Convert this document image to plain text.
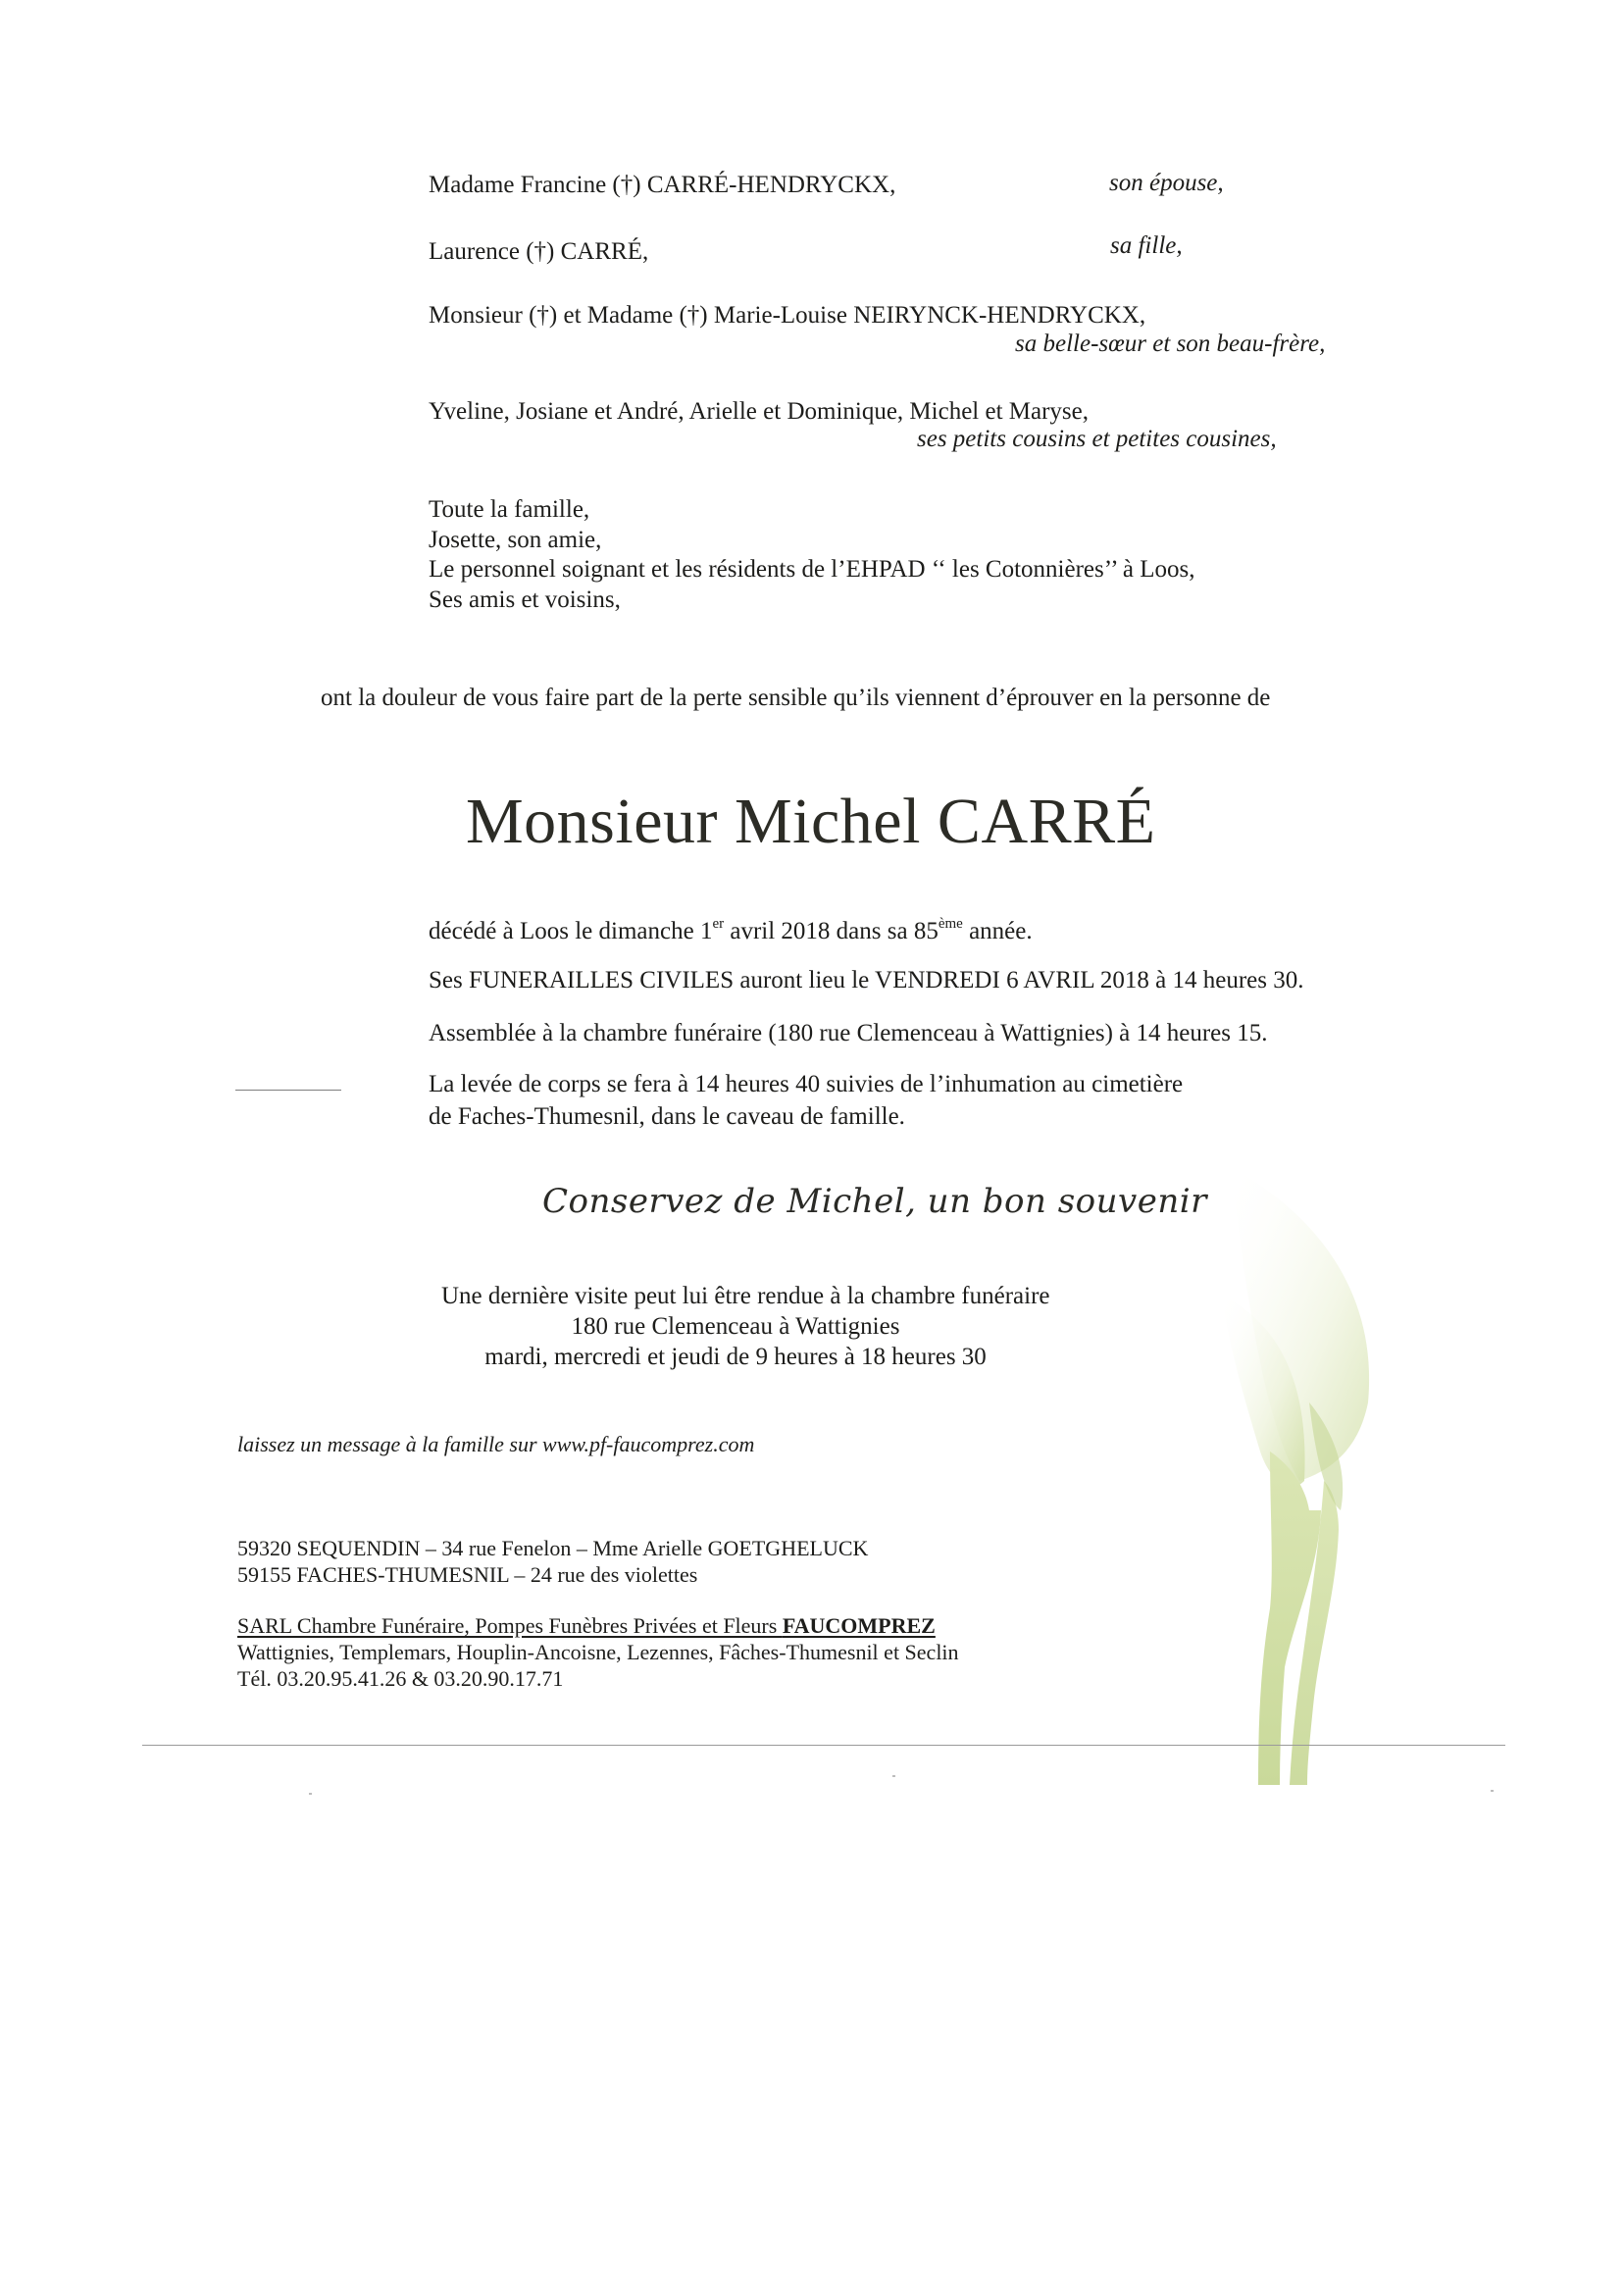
Madame Francine (†) CARRÉ-HENDRYCKX,	son épouse,
Laurence (†) CARRÉ,	sa fille,
Monsieur (†) et Madame (†) Marie-Louise NEIRYNCK-HENDRYCKX,
sa belle-sœur et son beau-frère,
Yveline, Josiane et André, Arielle et Dominique, Michel et Maryse,
ses petits cousins et petites cousines,
Toute la famille,
Josette, son amie,
Le personnel soignant et les résidents de l’EHPAD ‘‘ les Cotonnières’’ à Loos,
Ses amis et voisins,
ont la douleur de vous faire part de la perte sensible qu’ils viennent d’éprouver en la personne de
Monsieur Michel CARRÉ
décédé à Loos le dimanche 1er avril 2018 dans sa 85ème année.
Ses FUNERAILLES CIVILES auront lieu le VENDREDI 6 AVRIL 2018 à 14 heures 30.
Assemblée à la chambre funéraire (180 rue Clemenceau à Wattignies) à 14 heures 15.
La levée de corps se fera à 14 heures 40 suivies de l’inhumation au cimetière
de Faches-Thumesnil, dans le caveau de famille.
Conservez de Michel, un bon souvenir
Une dernière visite peut lui être rendue à la chambre funéraire
180 rue Clemenceau à Wattignies
mardi, mercredi et jeudi de 9 heures à 18 heures 30
laissez un message à la famille sur www.pf-faucomprez.com
59320 SEQUENDIN – 34 rue Fenelon – Mme Arielle GOETGHELUCK
59155 FACHES-THUMESNIL – 24 rue des violettes
SARL Chambre Funéraire, Pompes Funèbres Privées et Fleurs FAUCOMPREZ
Wattignies, Templemars, Houplin-Ancoisne, Lezennes, Fâches-Thumesnil et Seclin
Tél. 03.20.95.41.26 & 03.20.90.17.71
